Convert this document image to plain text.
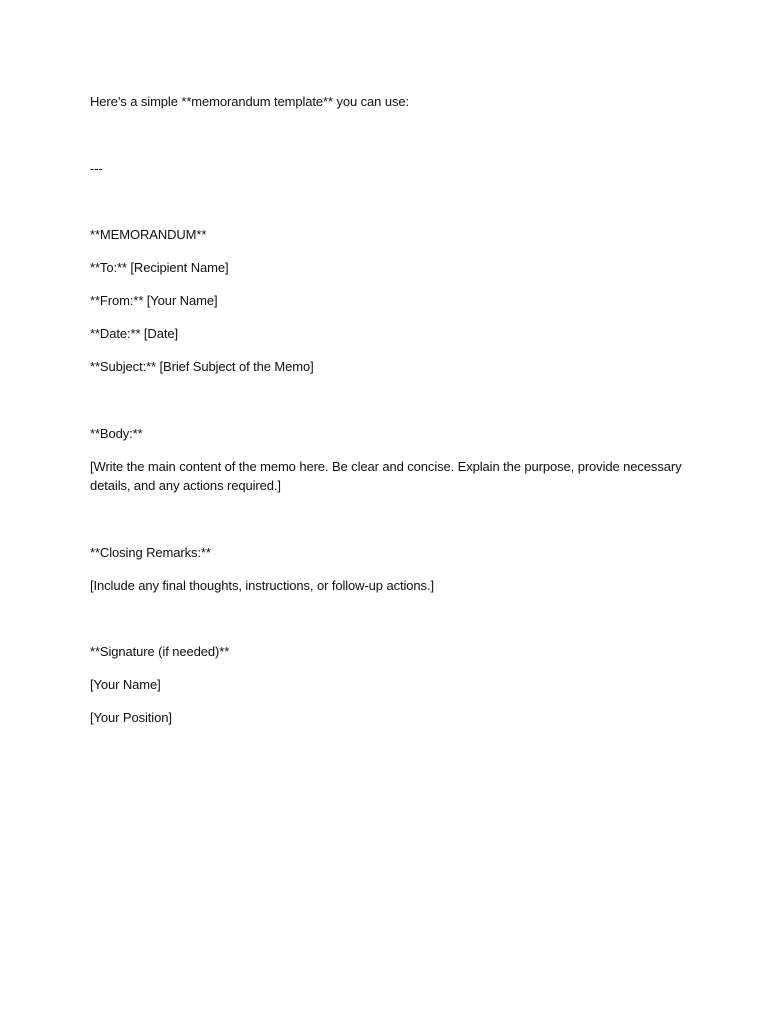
Here’s a simple **memorandum template** you can use:

---

**MEMORANDUM**

**To:** [Recipient Name]

**From:** [Your Name]

**Date:** [Date]

**Subject:** [Brief Subject of the Memo]

**Body:**

[Write the main content of the memo here. Be clear and concise. Explain the purpose, provide necessary details, and any actions required.]

**Closing Remarks:**

[Include any final thoughts, instructions, or follow-up actions.]

**Signature (if needed)**

[Your Name]

[Your Position]
